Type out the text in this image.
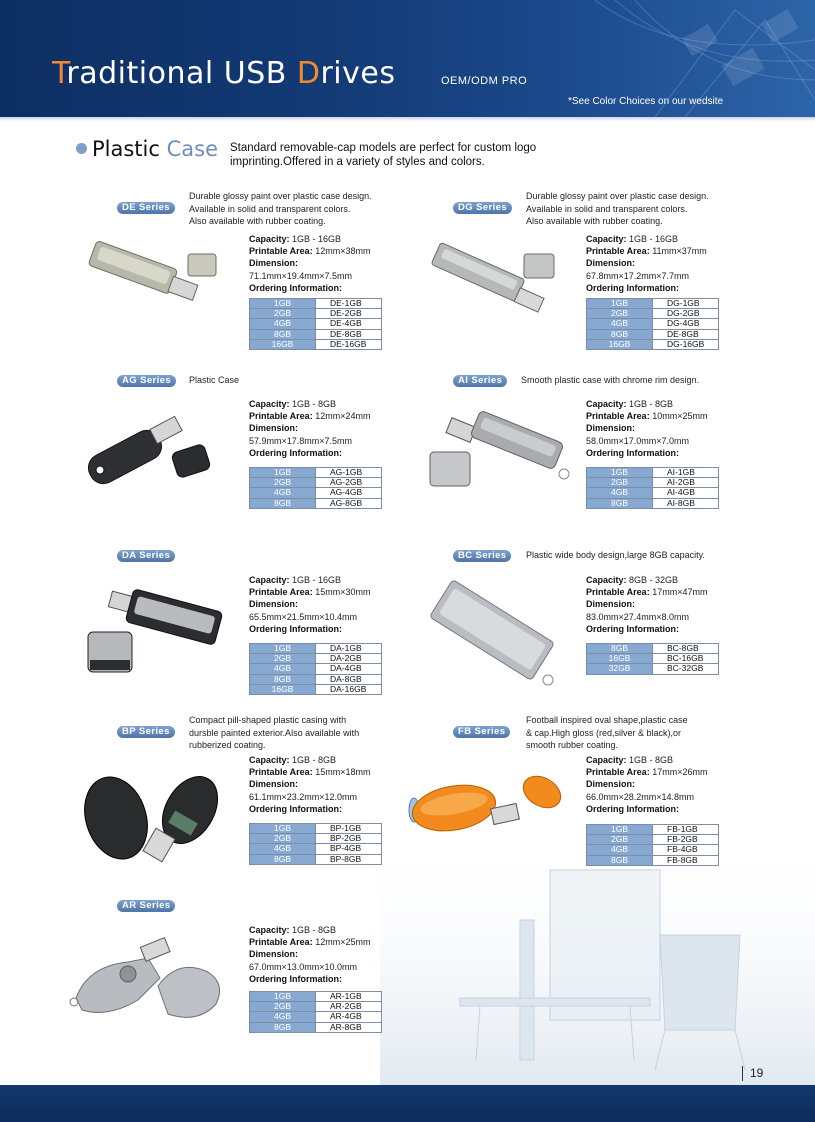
Traditional USB Drives	OEM/ODM PRO
*See Color Choices on our wedsite
Plastic Case Standard removable-cap models are perfect for custom logo imprinting.Offered in a variety of styles and colors.
DE Series
Durable glossy paint over plastic case design.
Available in solid and transparent colors.
Also available with rubber coating.
Capacity: 1GB - 16GB
Printable Area: 12mm×38mm
Dimension:
71.1mm×19.4mm×7.5mm
Ordering Information:
1GB	DE-1GB
2GB	DE-2GB
4GB	DE-4GB
8GB	DE-8GB
16GB	DE-16GB
DG Series
Durable glossy paint over plastic case design.
Available in solid and transparent colors.
Also available with rubber coating.
Capacity: 1GB - 16GB
Printable Area: 11mm×37mm
Dimension:
67.8mm×17.2mm×7.7mm
Ordering Information:
1GB	DG-1GB
2GB	DG-2GB
4GB	DG-4GB
8GB	DE-8GB
16GB	DG-16GB
AG Series	Plastic Case
Capacity: 1GB - 8GB
Printable Area: 12mm×24mm
Dimension:
57.9mm×17.8mm×7.5mm
Ordering Information:
1GB	AG-1GB
2GB	AG-2GB
4GB	AG-4GB
8GB	AG-8GB
AI Series	Smooth plastic case with chrome rim design.
Capacity: 1GB - 8GB
Printable Area: 10mm×25mm
Dimension:
58.0mm×17.0mm×7.0mm
Ordering Information:
1GB	AI-1GB
2GB	AI-2GB
4GB	AI-4GB
8GB	AI-8GB
DA Series
Capacity: 1GB - 16GB
Printable Area: 15mm×30mm
Dimension:
65.5mm×21.5mm×10.4mm
Ordering Information:
1GB	DA-1GB
2GB	DA-2GB
4GB	DA-4GB
8GB	DA-8GB
16GB	DA-16GB
BC Series	Plastic wide body design,large 8GB capacity.
Capacity: 8GB - 32GB
Printable Area: 17mm×47mm
Dimension:
83.0mm×27.4mm×8.0mm
Ordering Information:
8GB	BC-8GB
16GB	BC-16GB
32GB	BC-32GB
BP Series
Compact pill-shaped plastic casing with
dursble painted exterior.Also available with
rubberized coating.
Capacity: 1GB - 8GB
Printable Area: 15mm×18mm
Dimension:
61.1mm×23.2mm×12.0mm
Ordering Information:
1GB	BP-1GB
2GB	BP-2GB
4GB	BP-4GB
8GB	BP-8GB
FB Series
Football inspired oval shape,plastic case
& cap.High gloss (red,silver & black),or
smooth rubber coating.
Capacity: 1GB - 8GB
Printable Area: 17mm×26mm
Dimension:
66.0mm×28.2mm×14.8mm
Ordering Information:
1GB	FB-1GB
2GB	FB-2GB
4GB	FB-4GB
8GB	FB-8GB
AR Series
Capacity: 1GB - 8GB
Printable Area: 12mm×25mm
Dimension:
67.0mm×13.0mm×10.0mm
Ordering Information:
1GB	AR-1GB
2GB	AR-2GB
4GB	AR-4GB
8GB	AR-8GB
19
